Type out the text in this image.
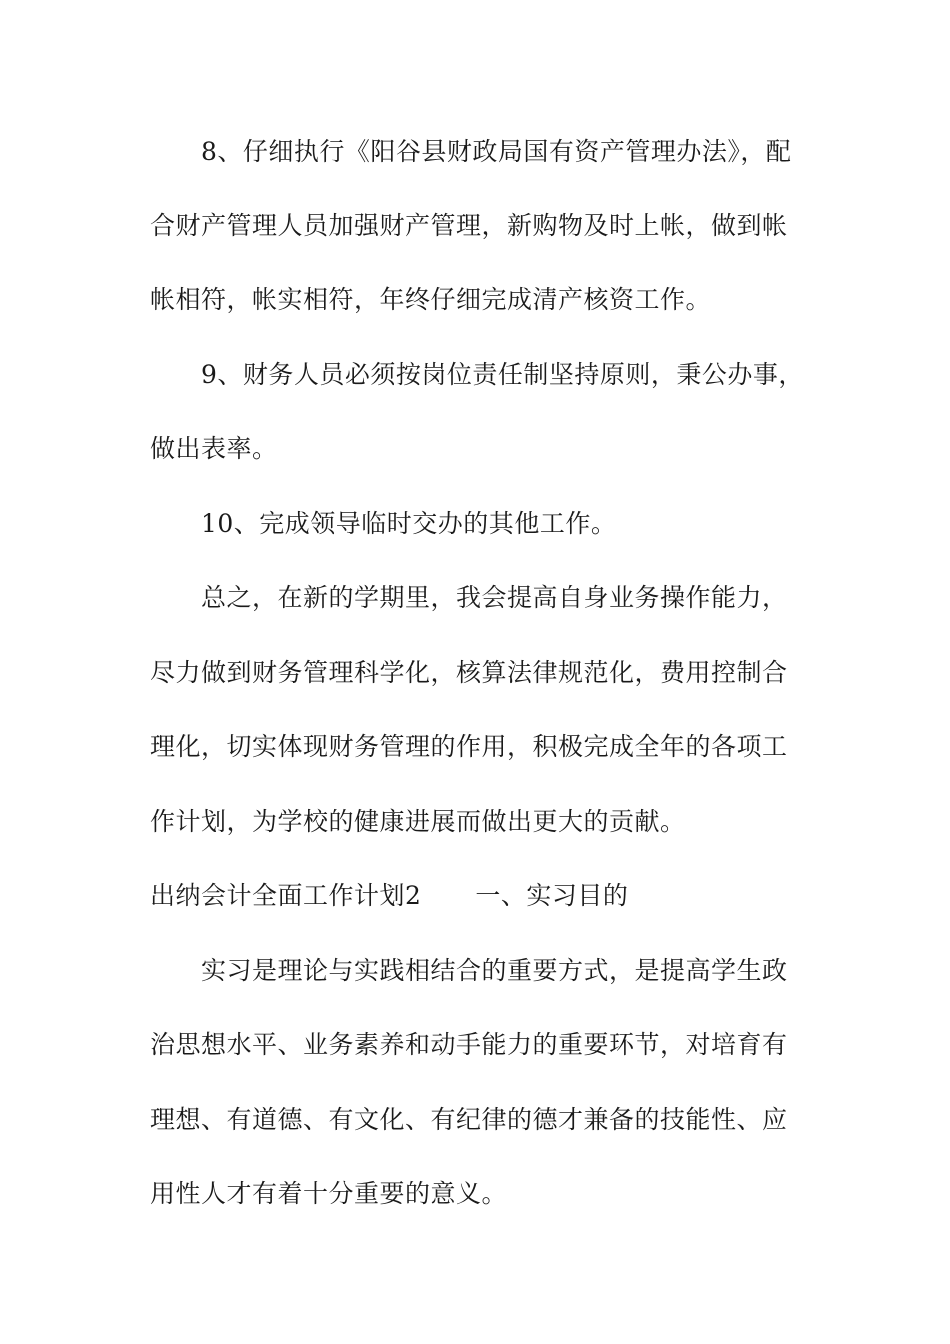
8、仔细执行《阳谷县财政局国有资产管理办法》，配
合财产管理人员加强财产管理，新购物及时上帐，做到帐
帐相符，帐实相符，年终仔细完成清产核资工作。
9、财务人员必须按岗位责任制坚持原则，秉公办事，
做出表率。
10、完成领导临时交办的其他工作。
总之，在新的学期里，我会提高自身业务操作能力，
尽力做到财务管理科学化，核算法律规范化，费用控制合
理化，切实体现财务管理的作用，积极完成全年的各项工
作计划，为学校的健康进展而做出更大的贡献。
出纳会计全面工作计划2 一、实习目的
实习是理论与实践相结合的重要方式，是提高学生政
治思想水平、业务素养和动手能力的重要环节，对培育有
理想、有道德、有文化、有纪律的德才兼备的技能性、应
用性人才有着十分重要的意义。
